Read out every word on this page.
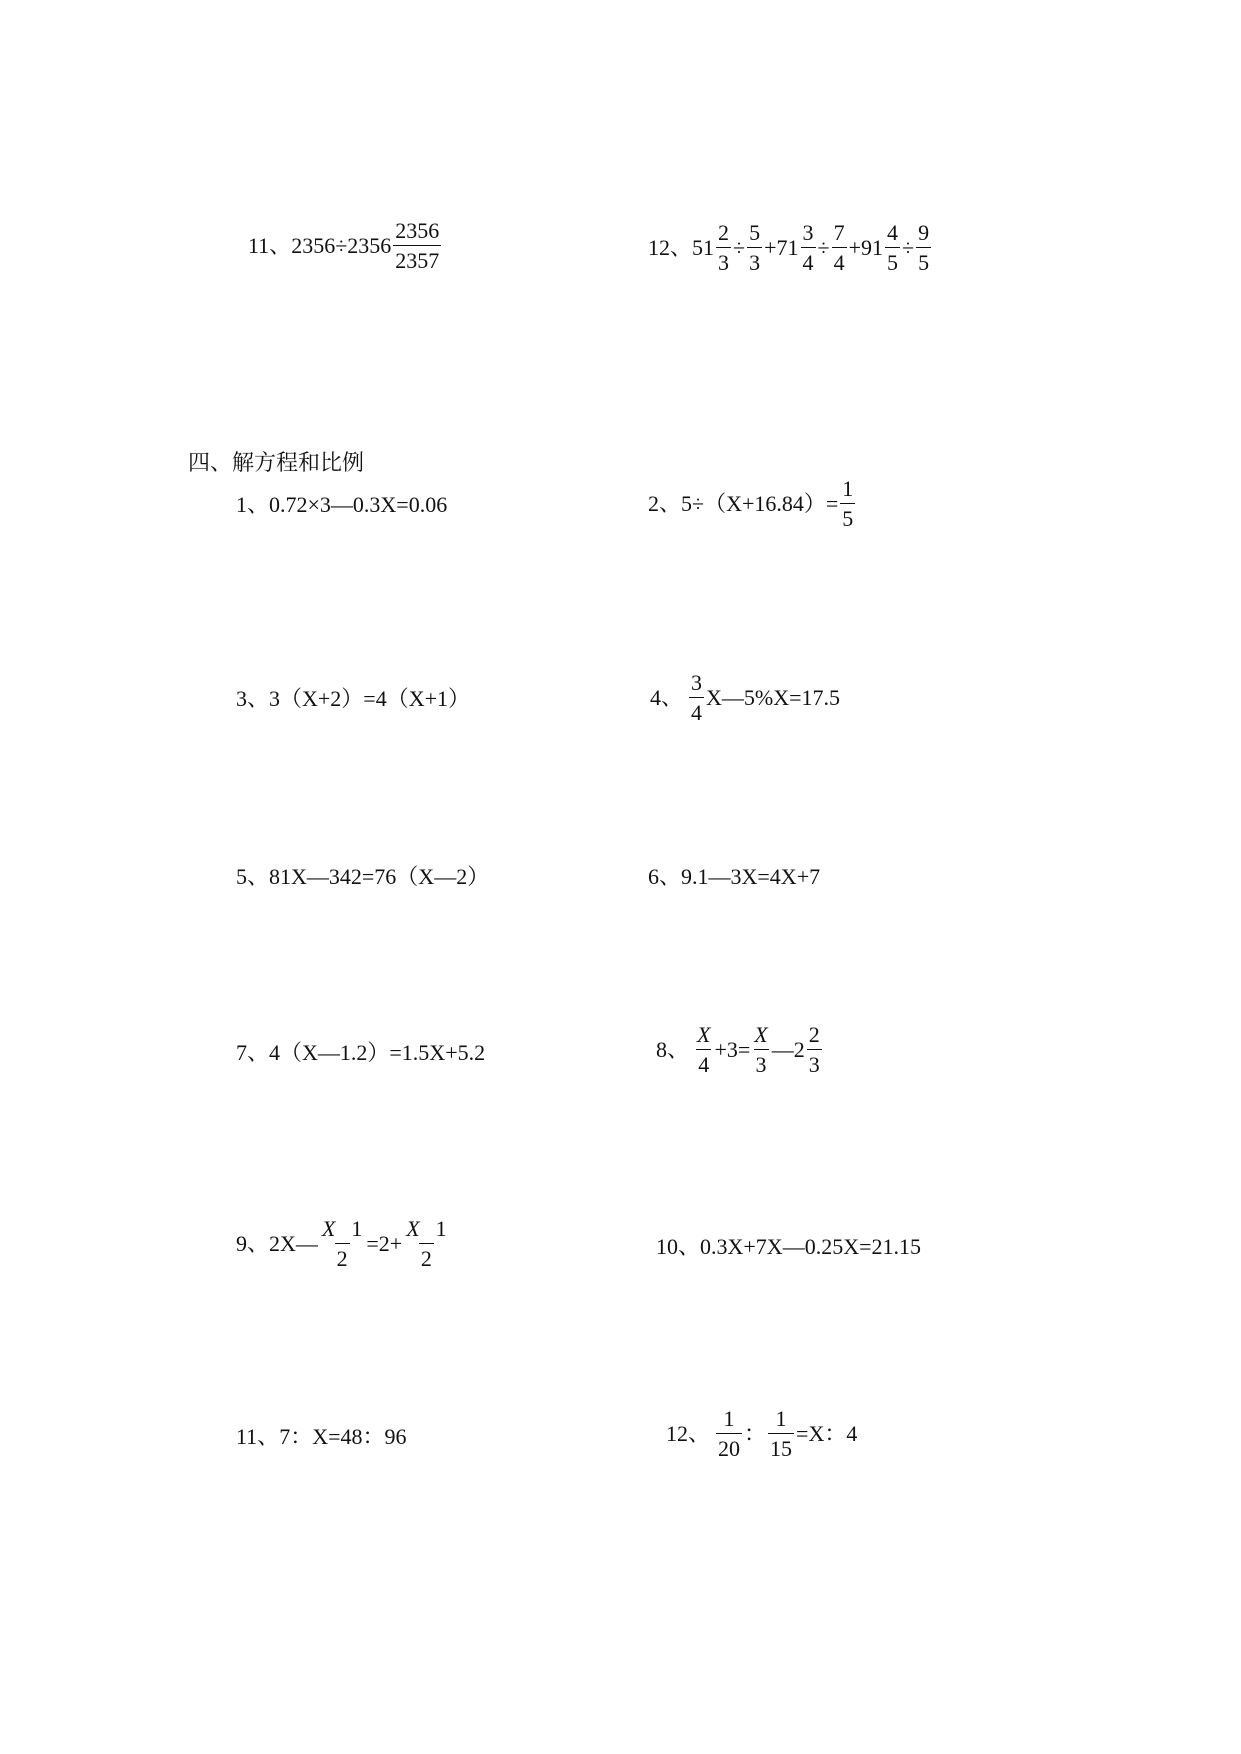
11、 $2356\div 2356 \frac{2356}{2357}$	12、 $51 \frac{2}{3} \div \frac{5}{3} +71 \frac{3}{4} \div \frac{7}{4} +91 \frac{4}{5} \div \frac{9}{5}$
四、解方程和比例
1、 0.72×3—0.3X=0.06	2、 $5\div(X+16.84)= \frac{1}{5}$
3、 3（X+2）=4（X+1）	4、 $\frac{3}{4}$ X—5%X=17.5
5、 81X—342=76（X—2）	6、 9.1—3X=4X+7
7、 4（X—1.2）=1.5X+5.2	8、 $\frac{X}{4} +3= \frac{X}{3}$ —2 $\frac{2}{3}$
9、 2X— $\frac{X 1}{2} =2+ \frac{X 1}{2}$	10、 0.3X+7X—0.25X=21.15
11、 7：X=48：96	12、 $\frac{1}{20}$ ： $\frac{1}{15} =X$：4
